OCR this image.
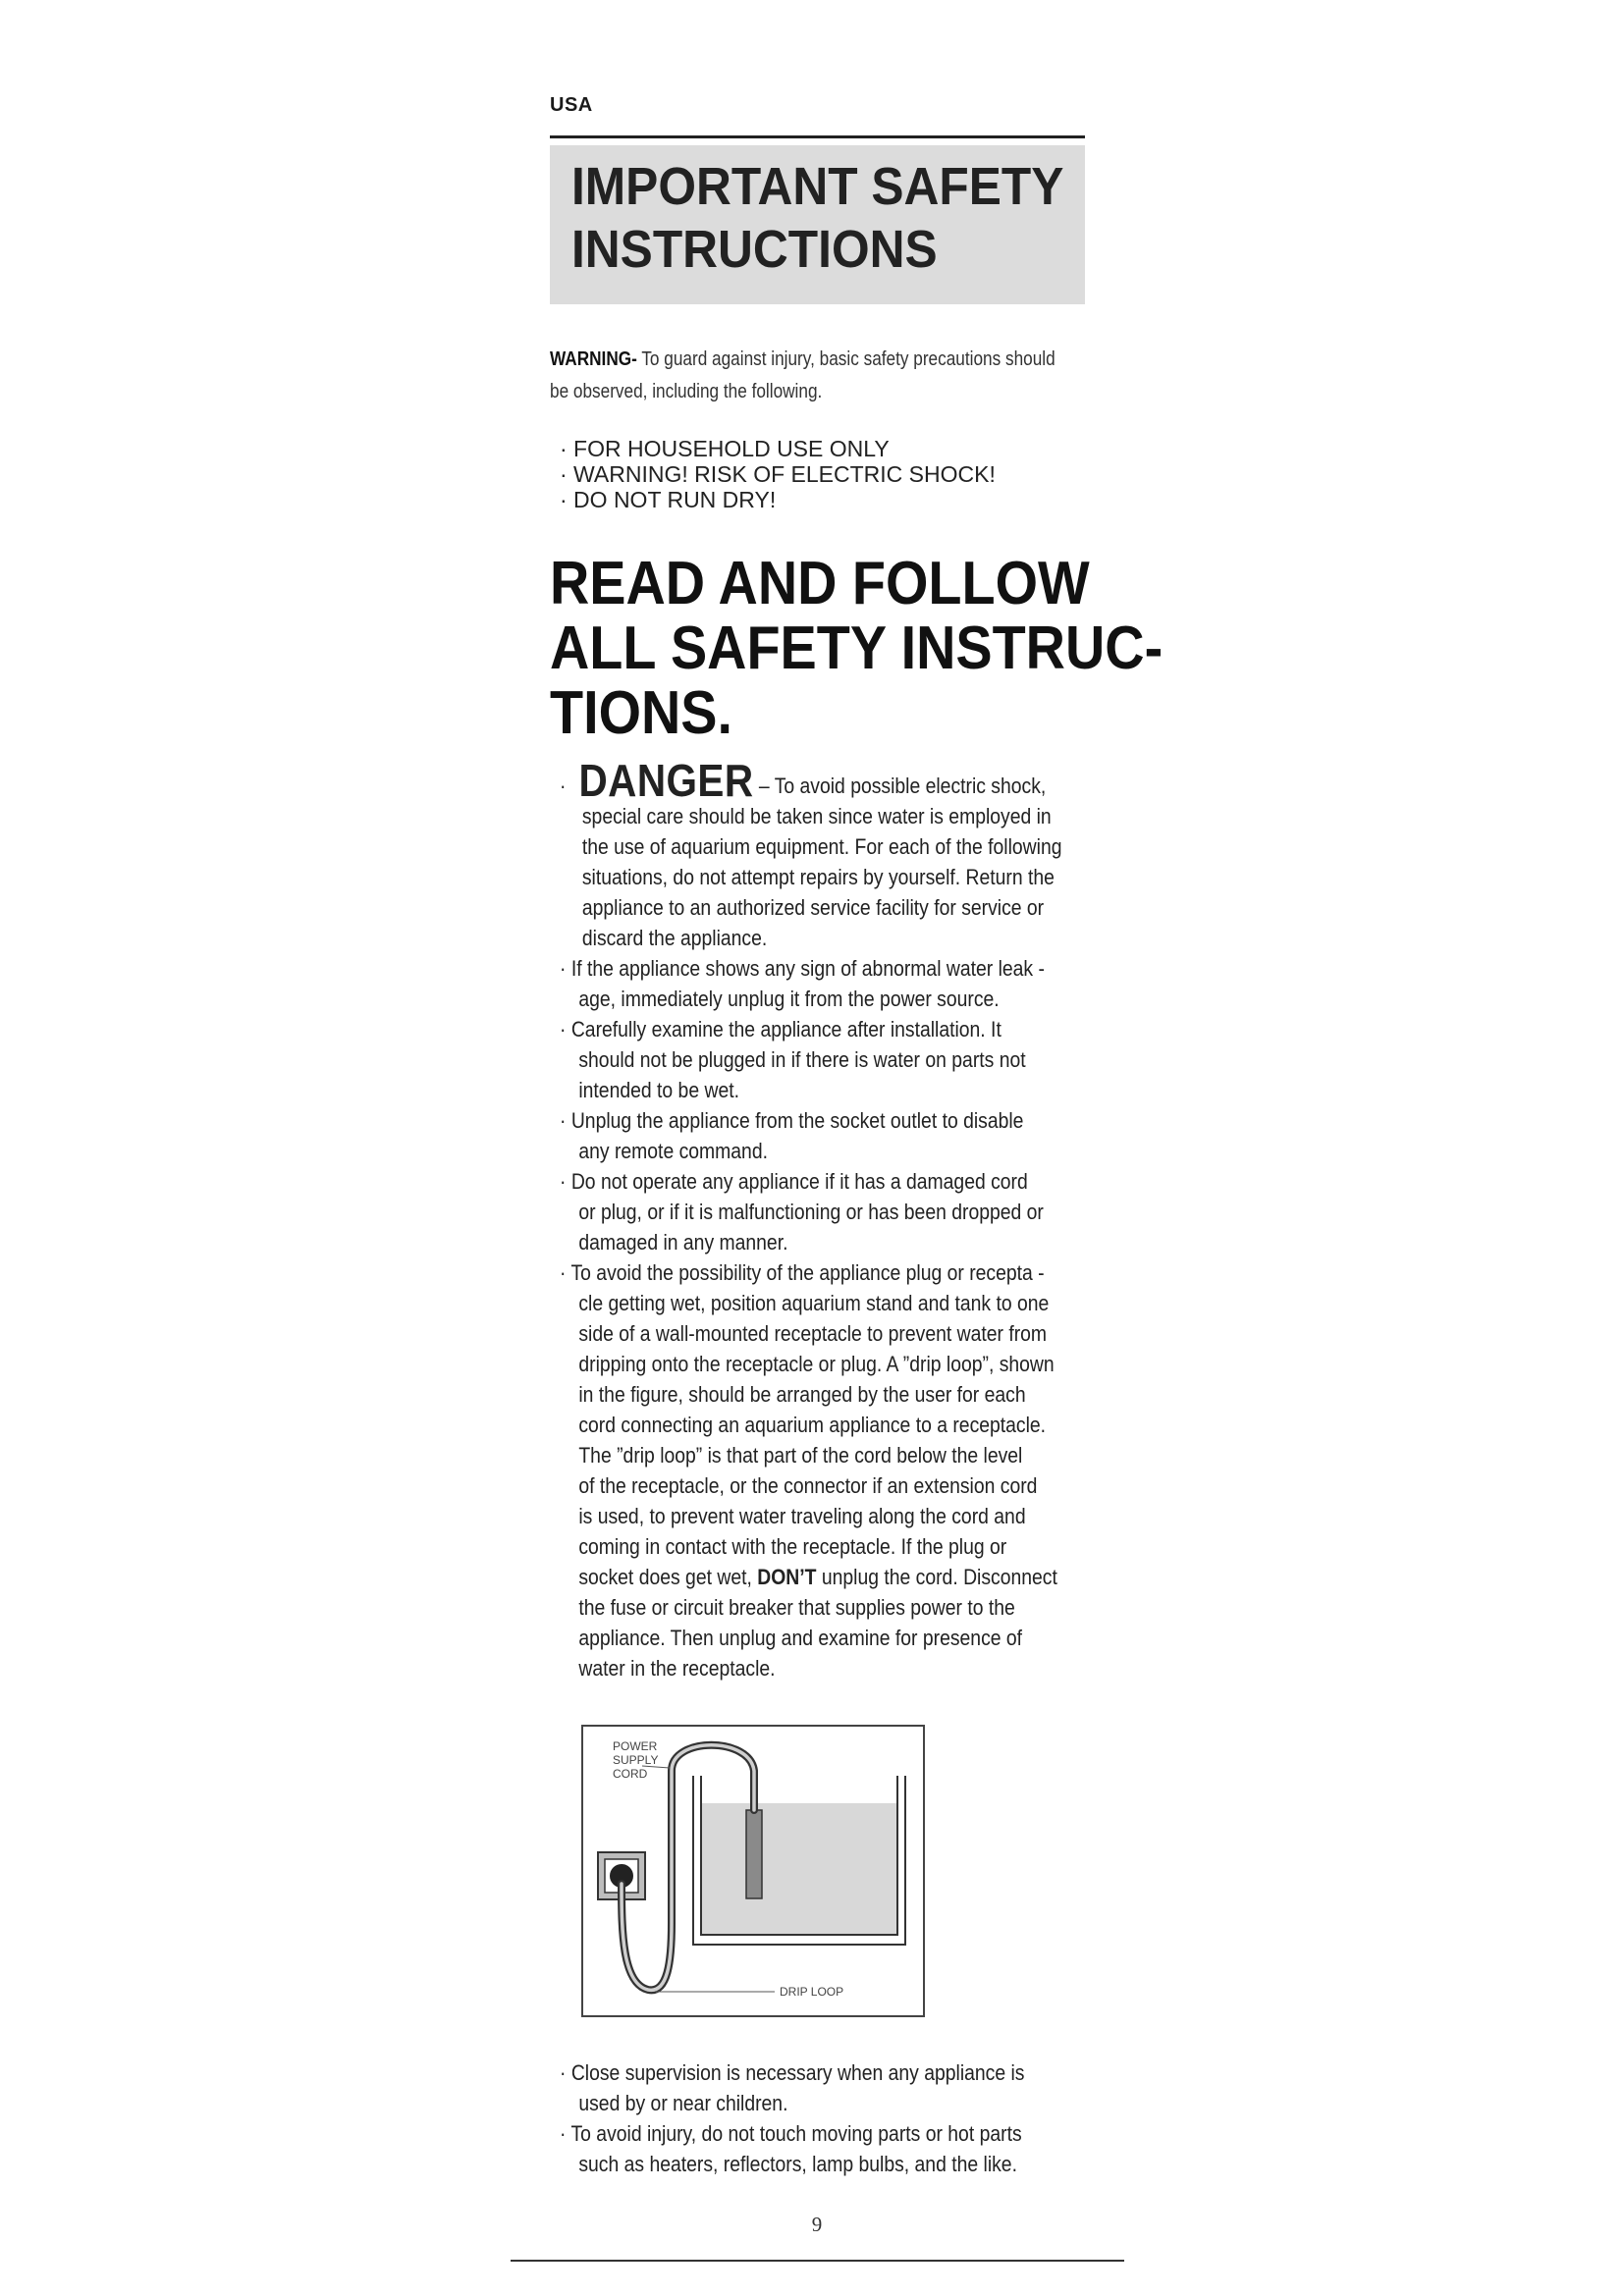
USA
IMPORTANT SAFETY
INSTRUCTIONS
WARNING- To guard against injury, basic safety precautions should
be observed, including the following.
· FOR HOUSEHOLD USE ONLY
· WARNING! RISK OF ELECTRIC SHOCK!
· DO NOT RUN DRY!
READ AND FOLLOW
ALL SAFETY INSTRUC-
TIONS.
· DANGER – To avoid possible electric shock,
special care should be taken since water is employed in
the use of aquarium equipment. For each of the following
situations, do not attempt repairs by yourself. Return the
appliance to an authorized service facility for service or
discard the appliance.
· If the appliance shows any sign of abnormal water leak -
age, immediately unplug it from the power source.
· Carefully examine the appliance after installation. It
should not be plugged in if there is water on parts not
intended to be wet.
· Unplug the appliance from the socket outlet to disable
any remote command.
· Do not operate any appliance if it has a damaged cord
or plug, or if it is malfunctioning or has been dropped or
damaged in any manner.
· To avoid the possibility of the appliance plug or recepta -
cle getting wet, position aquarium stand and tank to one
side of a wall-mounted receptacle to prevent water from
dripping onto the receptacle or plug. A ”drip loop”, shown
in the figure, should be arranged by the user for each
cord connecting an aquarium appliance to a receptacle.
The ”drip loop” is that part of the cord below the level
of the receptacle, or the connector if an extension cord
is used, to prevent water traveling along the cord and
coming in contact with the receptacle. If the plug or
socket does get wet, DON’T unplug the cord. Disconnect
the fuse or circuit breaker that supplies power to the
appliance. Then unplug and examine for presence of
water in the receptacle.
POWER
SUPPLY
CORD
DRIP LOOP
· Close supervision is necessary when any appliance is
used by or near children.
· To avoid injury, do not touch moving parts or hot parts
such as heaters, reflectors, lamp bulbs, and the like.
9
